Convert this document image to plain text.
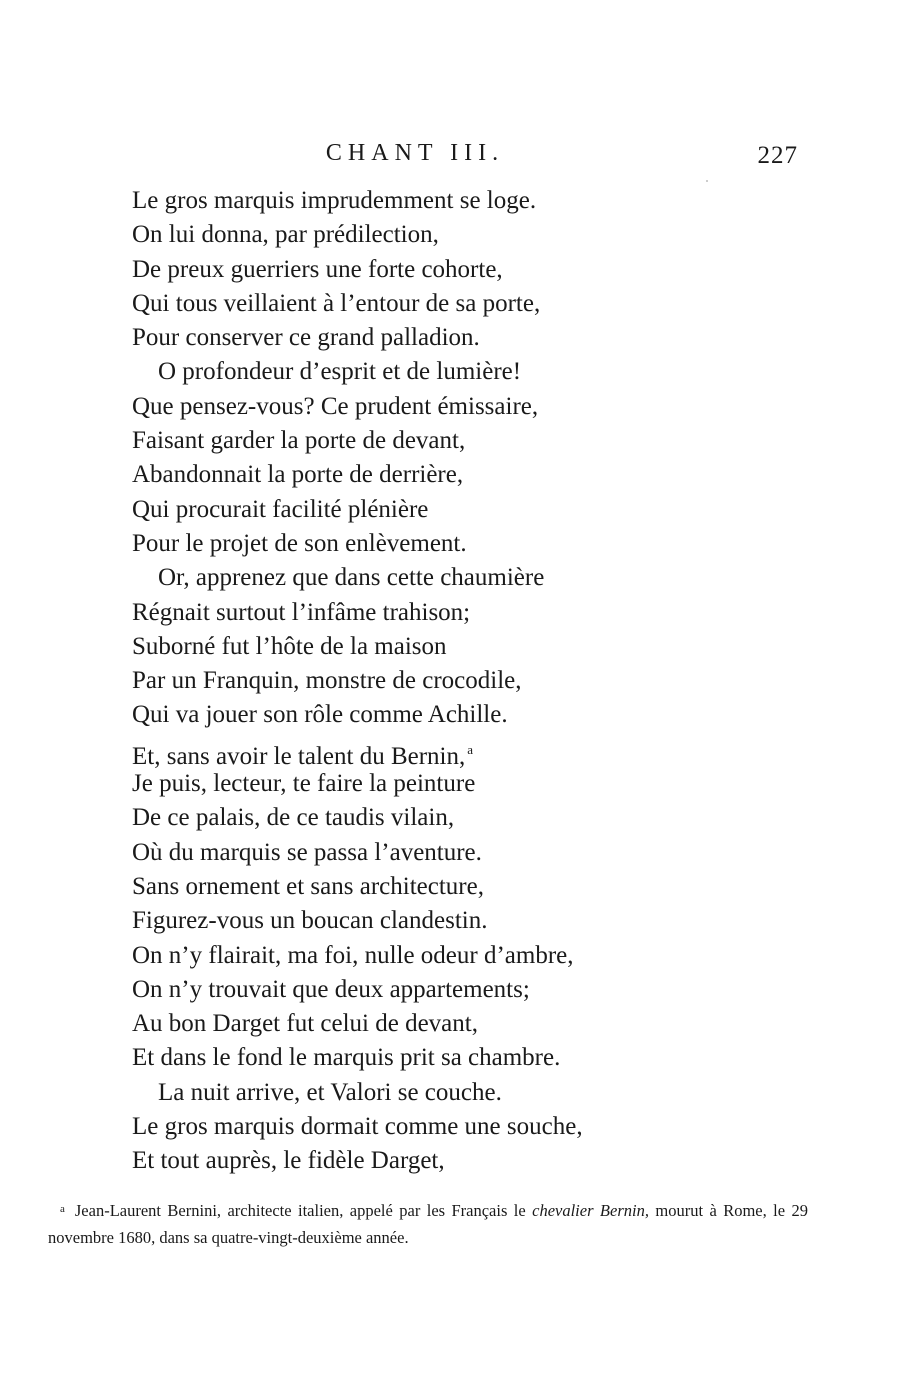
CHANT III.	227
Le gros marquis imprudemment se loge.
On lui donna, par prédilection,
De preux guerriers une forte cohorte,
Qui tous veillaient à l’entour de sa porte,
Pour conserver ce grand palladion.
O profondeur d’esprit et de lumière!
Que pensez-vous? Ce prudent émissaire,
Faisant garder la porte de devant,
Abandonnait la porte de derrière,
Qui procurait facilité plénière
Pour le projet de son enlèvement.
Or, apprenez que dans cette chaumière
Régnait surtout l’infâme trahison;
Suborné fut l’hôte de la maison
Par un Franquin, monstre de crocodile,
Qui va jouer son rôle comme Achille.
Et, sans avoir le talent du Bernin, $^a$
Je puis, lecteur, te faire la peinture
De ce palais, de ce taudis vilain,
Où du marquis se passa l’aventure.
Sans ornement et sans architecture,
Figurez-vous un boucan clandestin.
On n’y flairait, ma foi, nulle odeur d’ambre,
On n’y trouvait que deux appartements;
Au bon Darget fut celui de devant,
Et dans le fond le marquis prit sa chambre.
La nuit arrive, et Valori se couche.
Le gros marquis dormait comme une souche,
Et tout auprès, le fidèle Darget,
$^a$ Jean-Laurent Bernini, architecte italien, appelé par les Français le chevalier Bernin, mourut à Rome, le 29 novembre 1680, dans sa quatre-vingt-deuxième année.
